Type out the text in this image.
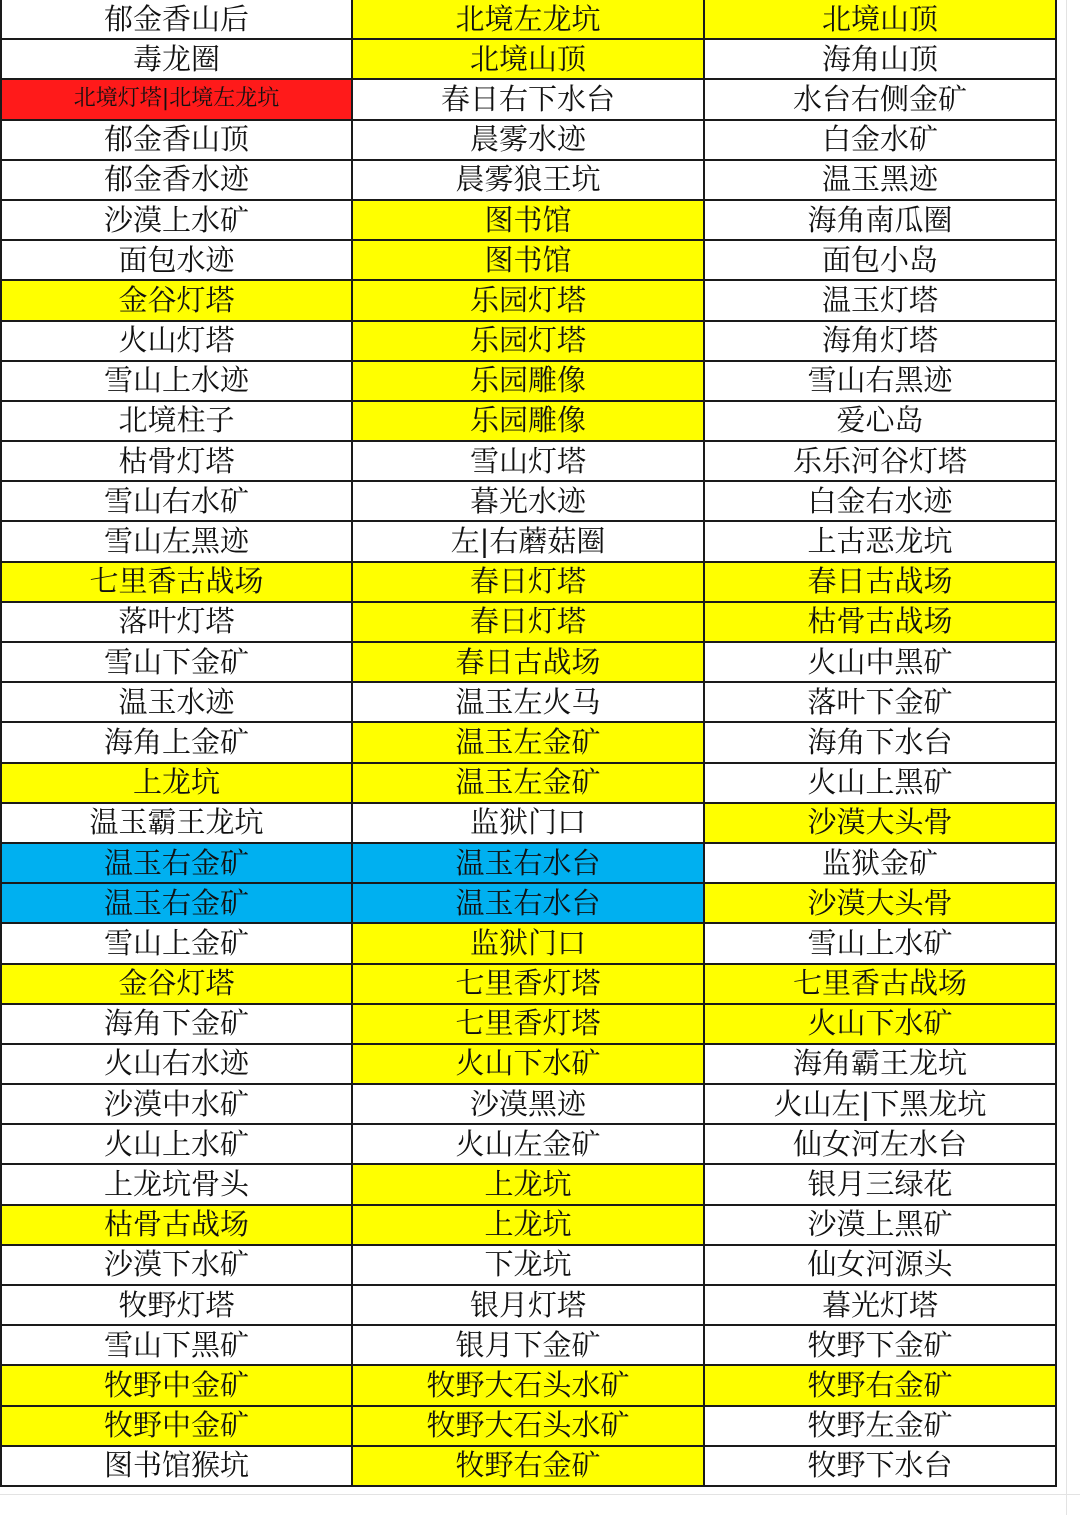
郁金香山后	北境左龙坑	北境山顶
毒龙圈	北境山顶	海角山顶
北境灯塔|北境左龙坑	春日右下水台	水台右侧金矿
郁金香山顶	晨雾水迹	白金水矿
郁金香水迹	晨雾狼王坑	温玉黑迹
沙漠上水矿	图书馆	海角南瓜圈
面包水迹	图书馆	面包小岛
金谷灯塔	乐园灯塔	温玉灯塔
火山灯塔	乐园灯塔	海角灯塔
雪山上水迹	乐园雕像	雪山右黑迹
北境柱子	乐园雕像	爱心岛
枯骨灯塔	雪山灯塔	乐乐河谷灯塔
雪山右水矿	暮光水迹	白金右水迹
雪山左黑迹	左|右蘑菇圈	上古恶龙坑
七里香古战场	春日灯塔	春日古战场
落叶灯塔	春日灯塔	枯骨古战场
雪山下金矿	春日古战场	火山中黑矿
温玉水迹	温玉左火马	落叶下金矿
海角上金矿	温玉左金矿	海角下水台
上龙坑	温玉左金矿	火山上黑矿
温玉霸王龙坑	监狱门口	沙漠大头骨
温玉右金矿	温玉右水台	监狱金矿
温玉右金矿	温玉右水台	沙漠大头骨
雪山上金矿	监狱门口	雪山上水矿
金谷灯塔	七里香灯塔	七里香古战场
海角下金矿	七里香灯塔	火山下水矿
火山右水迹	火山下水矿	海角霸王龙坑
沙漠中水矿	沙漠黑迹	火山左|下黑龙坑
火山上水矿	火山左金矿	仙女河左水台
上龙坑骨头	上龙坑	银月三绿花
枯骨古战场	上龙坑	沙漠上黑矿
沙漠下水矿	下龙坑	仙女河源头
牧野灯塔	银月灯塔	暮光灯塔
雪山下黑矿	银月下金矿	牧野下金矿
牧野中金矿	牧野大石头水矿	牧野右金矿
牧野中金矿	牧野大石头水矿	牧野左金矿
图书馆猴坑	牧野右金矿	牧野下水台
